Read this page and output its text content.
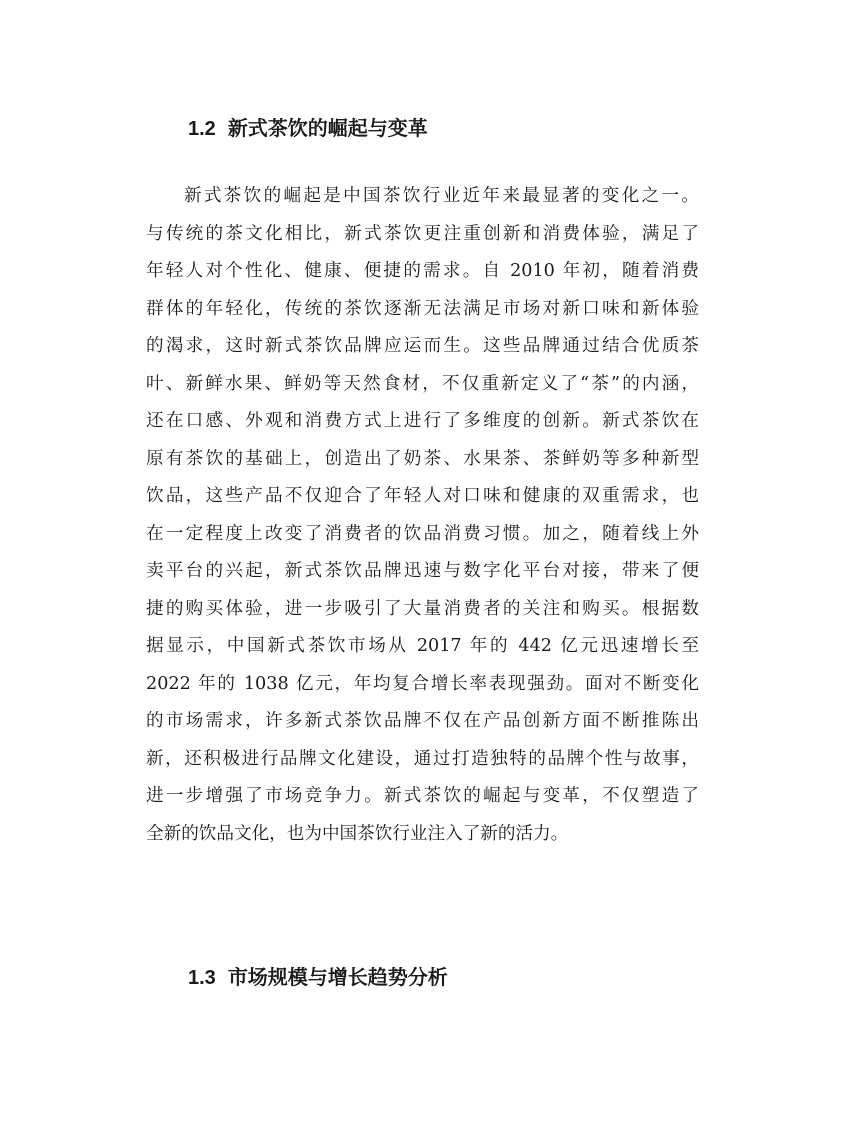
1.2 新式茶饮的崛起与变革
新式茶饮的崛起是中国茶饮行业近年来最显著的变化之一。
与传统的茶文化相比，新式茶饮更注重创新和消费体验，满足了
年轻人对个性化、健康、便捷的需求。自 2010 年初，随着消费
群体的年轻化，传统的茶饮逐渐无法满足市场对新口味和新体验
的渴求，这时新式茶饮品牌应运而生。这些品牌通过结合优质茶
叶、新鲜水果、鲜奶等天然食材，不仅重新定义了“茶”的内涵，
还在口感、外观和消费方式上进行了多维度的创新。新式茶饮在
原有茶饮的基础上，创造出了奶茶、水果茶、茶鲜奶等多种新型
饮品，这些产品不仅迎合了年轻人对口味和健康的双重需求，也
在一定程度上改变了消费者的饮品消费习惯。加之，随着线上外
卖平台的兴起，新式茶饮品牌迅速与数字化平台对接，带来了便
捷的购买体验，进一步吸引了大量消费者的关注和购买。根据数
据显示，中国新式茶饮市场从 2017 年的 442 亿元迅速增长至
2022 年的 1038 亿元，年均复合增长率表现强劲。面对不断变化
的市场需求，许多新式茶饮品牌不仅在产品创新方面不断推陈出
新，还积极进行品牌文化建设，通过打造独特的品牌个性与故事，
进一步增强了市场竞争力。新式茶饮的崛起与变革，不仅塑造了
全新的饮品文化，也为中国茶饮行业注入了新的活力。
1.3 市场规模与增长趋势分析
